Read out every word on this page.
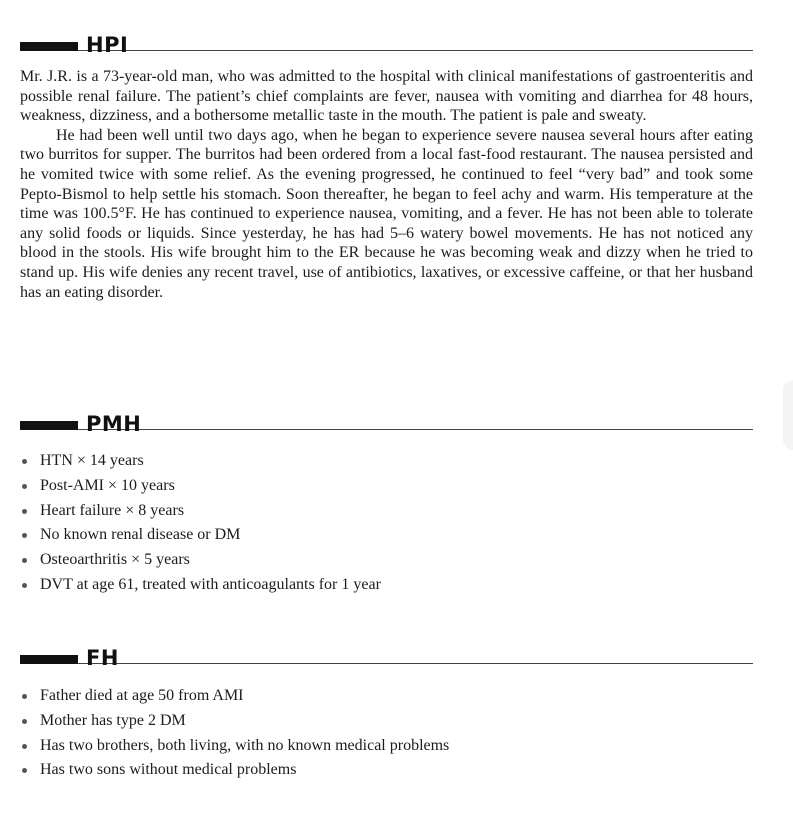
HPI

Mr. J.R. is a 73-year-old man, who was admitted to the hospital with clinical manifestations of gastroenteritis and possible renal failure. The patient’s chief complaints are fever, nausea with vomiting and diarrhea for 48 hours, weakness, dizziness, and a bothersome metallic taste in the mouth. The patient is pale and sweaty.

He had been well until two days ago, when he began to experience severe nausea several hours after eating two burritos for supper. The burritos had been ordered from a local fast-food restaurant. The nausea persisted and he vomited twice with some relief. As the evening progressed, he continued to feel “very bad” and took some Pepto-Bismol to help settle his stomach. Soon thereafter, he began to feel achy and warm. His temperature at the time was 100.5°F. He has continued to experience nausea, vomiting, and a fever. He has not been able to tolerate any solid foods or liquids. Since yesterday, he has had 5–6 watery bowel movements. He has not noticed any blood in the stools. His wife brought him to the ER because he was becoming weak and dizzy when he tried to stand up. His wife denies any recent travel, use of antibiotics, laxatives, or excessive caffeine, or that her husband has an eating disorder.

PMH
HTN × 14 years
Post-AMI × 10 years
Heart failure × 8 years
No known renal disease or DM
Osteoarthritis × 5 years
DVT at age 61, treated with anticoagulants for 1 year
FH
Father died at age 50 from AMI
Mother has type 2 DM
Has two brothers, both living, with no known medical problems
Has two sons without medical problems
